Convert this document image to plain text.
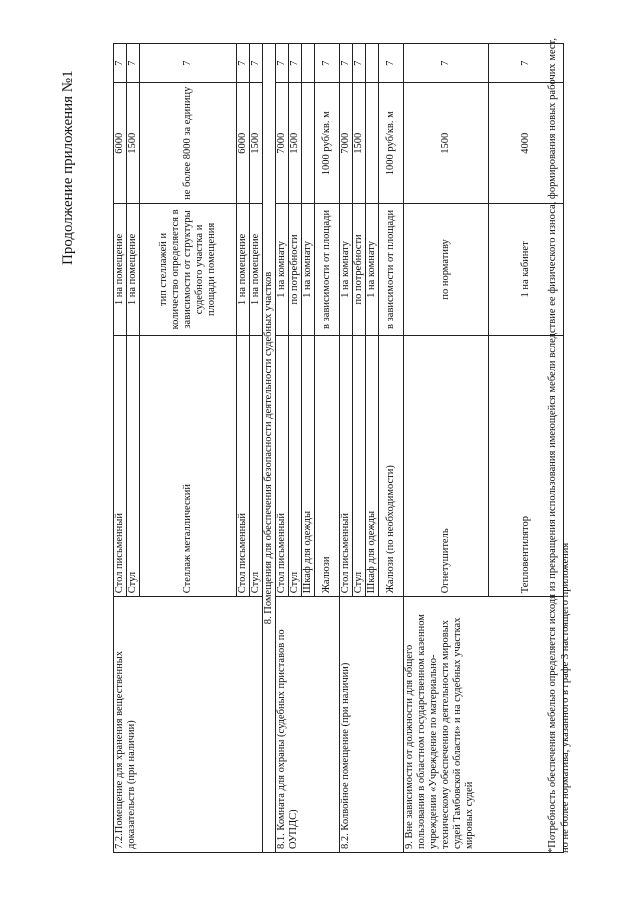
Продолжение приложения №1
7.2.Помещение для хранения вещественных доказательств (при наличии)	Стол письменный	1 на помещение	6000	7
	Стул	1 на помещение	1500	7
	Стеллаж металлический	тип стеллажей и количество определяется в зависимости от структуры судебного участка и площади помещения	не более 8000 за единицу	7
	Стол письменный	1 на помещение	6000	7
	Стул	1 на помещение	1500	7
8. Помещения для обеспечения безопасности деятельности судебных участков				
8.1. Комната для охраны (судебных приставов по ОУПДС)	Стол письменный	1 на комнату	7000	7
	Стул	по потребности	1500	7
	Шкаф для одежды	1 на комнату		
	Жалюзи	в зависимости от площади	1000 руб/кв. м	7
8.2. Колвойное помещение (при наличии)	Стол письменный	1 на комнату	7000	7
	Стул	по потребности	1500	7
	Шкаф для одежды	1 на комнату		
	Жалюзи (по необходимости)	в зависимости от площади	1000 руб/кв. м	7
9. Вне зависимости от должности для общего пользования в областном государственном казенном учреждении «Учреждение по материально-техническому обеспечению деятельности мировых судей Тамбовской области» и на судебных участках мировых судей	Огнетушитель	по нормативу	1500	7
	Тепловентилятор	1 на кабинет	4000	7 *Потребность обеспечения мебелью определяется исходя из прекращения использования имеющейся мебели вследствие ее физического износа, формирования новых рабочих мест, но не более норматива, указанного в графе 3 настоящего приложения
